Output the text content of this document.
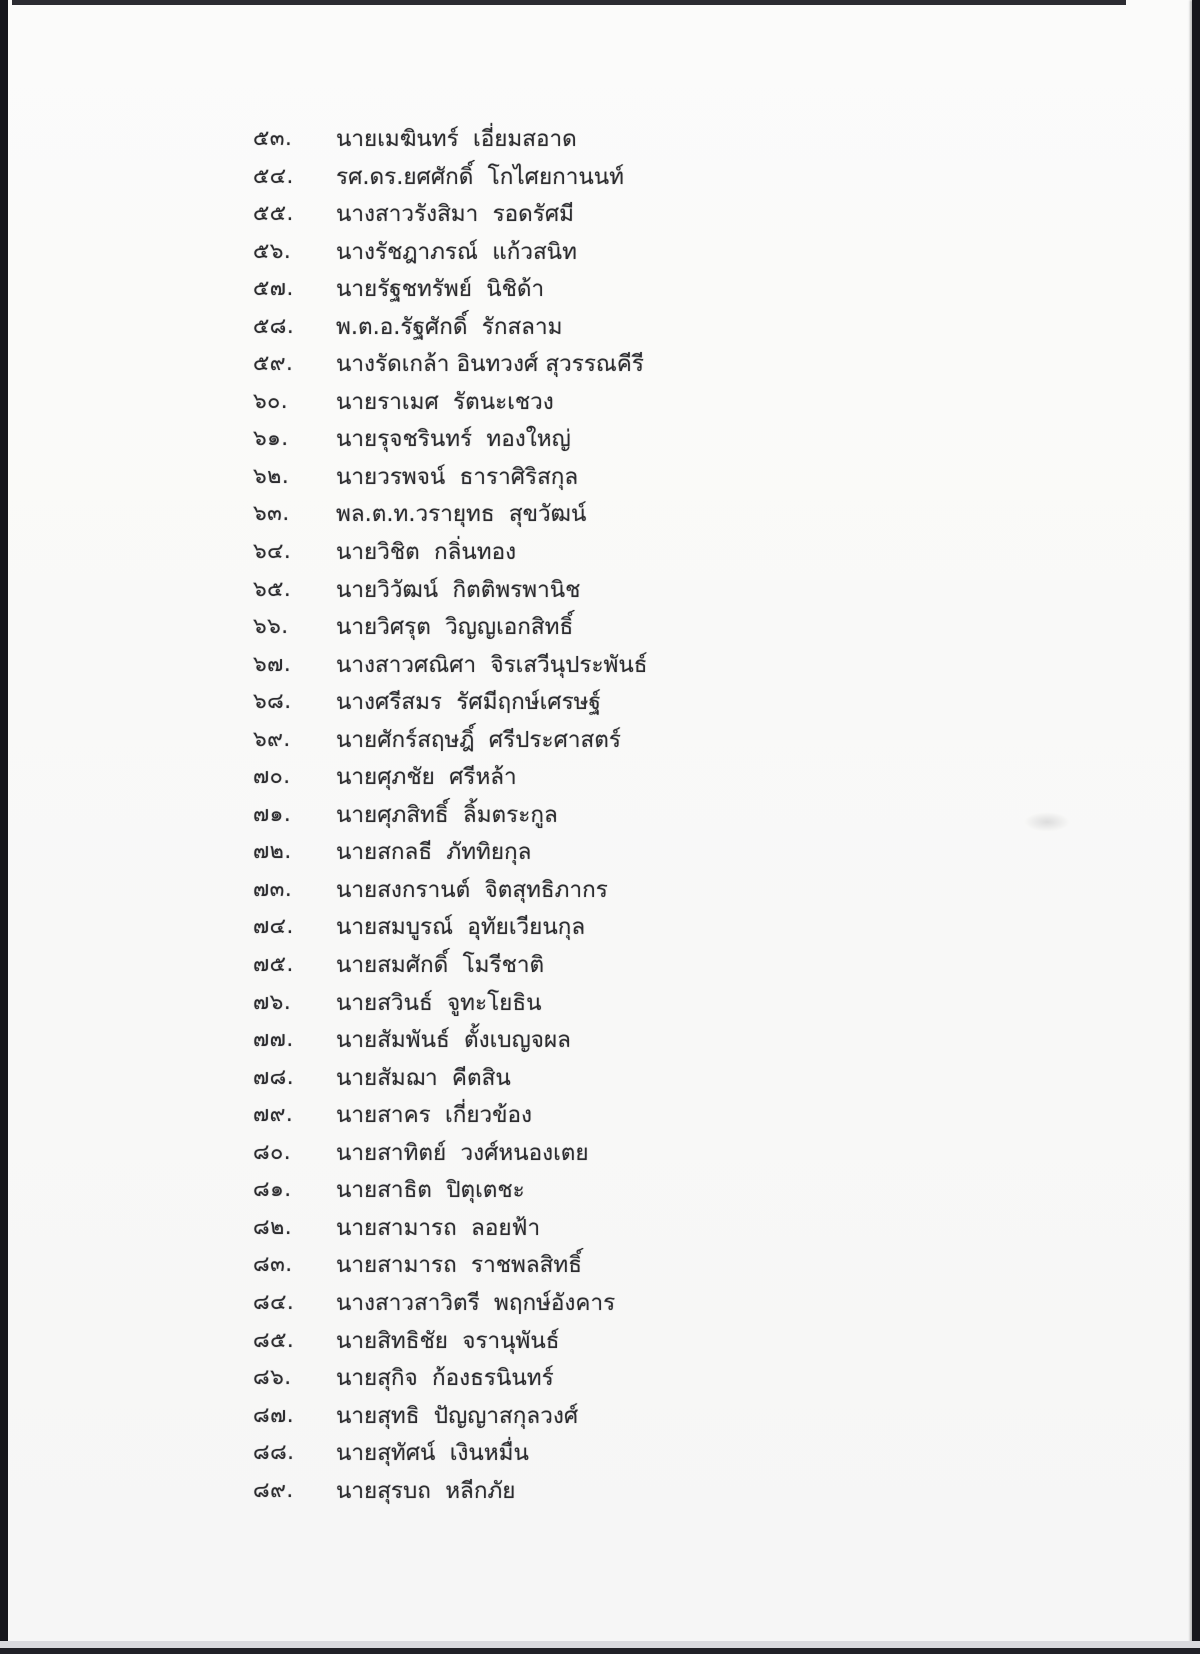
๕๓.	นายเมฆินทร์  เอี่ยมสอาด
๕๔.	รศ.ดร.ยศศักดิ์  โกไศยกานนท์
๕๕.	นางสาวรังสิมา  รอดรัศมี
๕๖.	นางรัชฎาภรณ์  แก้วสนิท
๕๗.	นายรัฐชทรัพย์  นิชิด้า
๕๘.	พ.ต.อ.รัฐศักดิ์  รักสลาม
๕๙.	นางรัดเกล้า อินทวงศ์ สุวรรณคีรี
๖๐.	นายราเมศ  รัตนะเชวง
๖๑.	นายรุจชรินทร์  ทองใหญ่
๖๒.	นายวรพจน์  ธาราศิริสกุล
๖๓.	พล.ต.ท.วรายุทธ  สุขวัฒน์
๖๔.	นายวิชิต  กลิ่นทอง
๖๕.	นายวิวัฒน์  กิตติพรพานิช
๖๖.	นายวิศรุต  วิญญเอกสิทธิ์
๖๗.	นางสาวศณิศา  จิรเสวีนุประพันธ์
๖๘.	นางศรีสมร  รัศมีฤกษ์เศรษฐ์
๖๙.	นายศักร์สฤษฎิ์  ศรีประศาสตร์
๗๐.	นายศุภชัย  ศรีหล้า
๗๑.	นายศุภสิทธิ์  ลิ้มตระกูล
๗๒.	นายสกลธี  ภัททิยกุล
๗๓.	นายสงกรานต์  จิตสุทธิภากร
๗๔.	นายสมบูรณ์  อุทัยเวียนกุล
๗๕.	นายสมศักดิ์  โมรีชาติ
๗๖.	นายสวินธ์  จูทะโยธิน
๗๗.	นายสัมพันธ์  ตั้งเบญจผล
๗๘.	นายสัมฌา  คีตสิน
๗๙.	นายสาคร  เกี่ยวข้อง
๘๐.	นายสาทิตย์  วงศ์หนองเตย
๘๑.	นายสาธิต  ปิตุเตชะ
๘๒.	นายสามารถ  ลอยฟ้า
๘๓.	นายสามารถ  ราชพลสิทธิ์
๘๔.	นางสาวสาวิตรี  พฤกษ์อังคาร
๘๕.	นายสิทธิชัย  จรานุพันธ์
๘๖.	นายสุกิจ  ก้องธรนินทร์
๘๗.	นายสุทธิ  ปัญญาสกุลวงศ์
๘๘.	นายสุทัศน์  เงินหมื่น
๘๙.	นายสุรบถ  หลีกภัย
